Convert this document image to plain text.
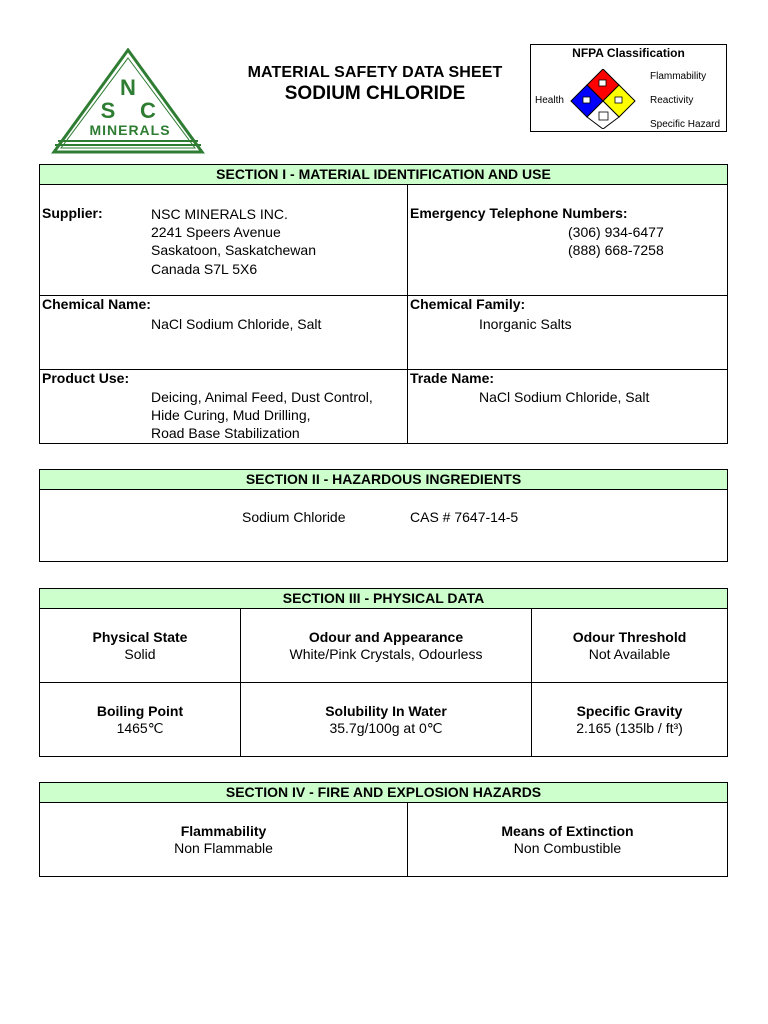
N
S C
MINERALS
MATERIAL SAFETY DATA SHEET
SODIUM CHLORIDE
NFPA Classification
Health
Flammability
Reactivity
Specific Hazard
SECTION I - MATERIAL IDENTIFICATION AND USE
Supplier:	NSC MINERALS INC.
2241 Speers Avenue
Saskatoon, Saskatchewan
Canada S7L 5X6
Emergency Telephone Numbers:
(306) 934-6477
(888) 668-7258
Chemical Name:
NaCl Sodium Chloride, Salt
Chemical Family:
Inorganic Salts
Product Use:
Deicing, Animal Feed, Dust Control,
Hide Curing, Mud Drilling,
Road Base Stabilization
Trade Name:
NaCl Sodium Chloride, Salt
SECTION II - HAZARDOUS INGREDIENTS
Sodium Chloride	CAS # 7647-14-5
SECTION III - PHYSICAL DATA
Physical State
Solid
Odour and Appearance
White/Pink Crystals, Odourless
Odour Threshold
Not Available
Boiling Point
1465℃
Solubility In Water
35.7g/100g at 0℃
Specific Gravity
2.165 (135lb / ft³)
SECTION IV - FIRE AND EXPLOSION HAZARDS
Flammability
Non Flammable
Means of Extinction
Non Combustible
